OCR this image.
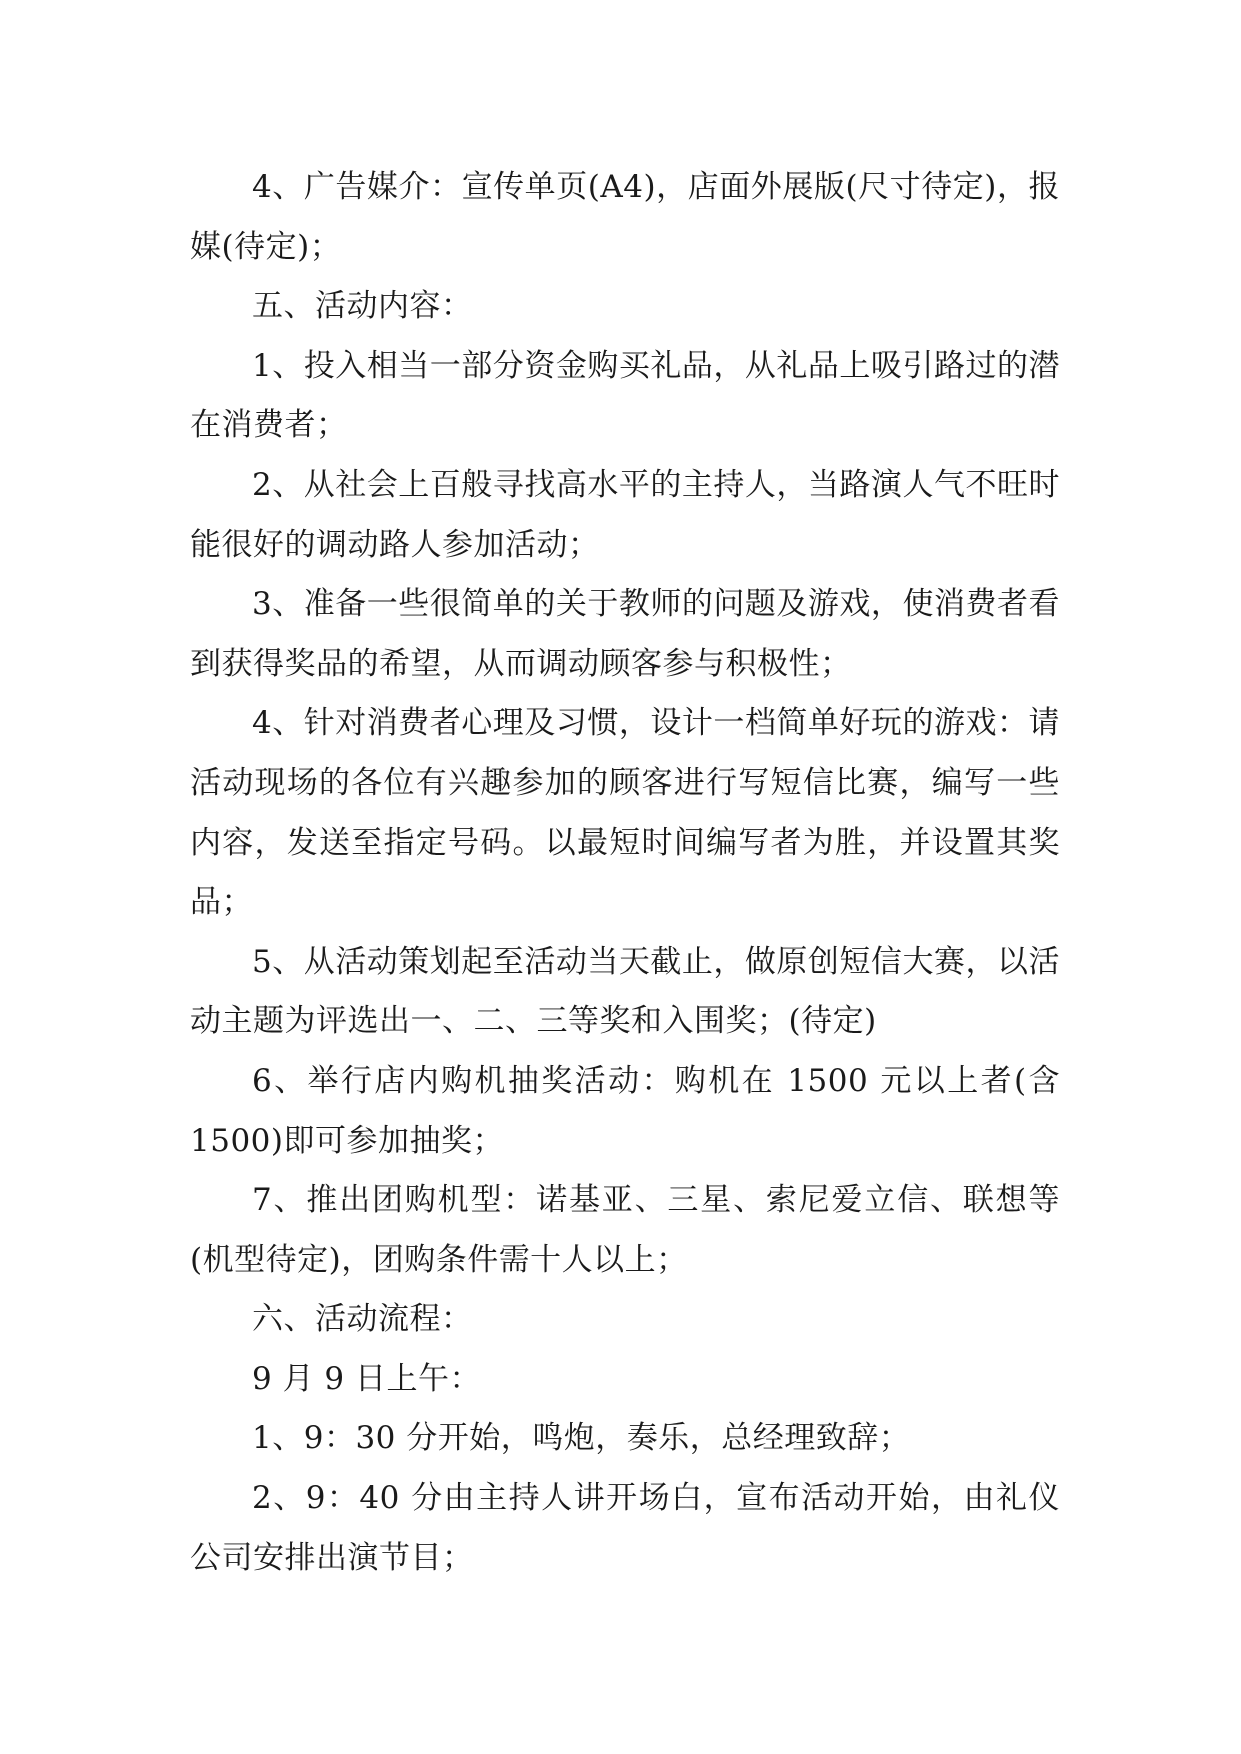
4、广告媒介：宣传单页(A4)，店面外展版(尺寸待定)，报媒(待定)；

五、活动内容：

1、投入相当一部分资金购买礼品，从礼品上吸引路过的潜在消费者；

2、从社会上百般寻找高水平的主持人，当路演人气不旺时能很好的调动路人参加活动；

3、准备一些很简单的关于教师的问题及游戏，使消费者看到获得奖品的希望，从而调动顾客参与积极性；

4、针对消费者心理及习惯，设计一档简单好玩的游戏：请活动现场的各位有兴趣参加的顾客进行写短信比赛，编写一些内容，发送至指定号码。以最短时间编写者为胜，并设置其奖品；

5、从活动策划起至活动当天截止，做原创短信大赛，以活动主题为评选出一、二、三等奖和入围奖；(待定)

6、举行店内购机抽奖活动：购机在 1500 元以上者(含 1500)即可参加抽奖；

7、推出团购机型：诺基亚、三星、索尼爱立信、联想等(机型待定)，团购条件需十人以上；

六、活动流程：

9 月 9 日上午：

1、9：30 分开始，鸣炮，奏乐，总经理致辞；

2、9：40 分由主持人讲开场白，宣布活动开始，由礼仪公司安排出演节目；
